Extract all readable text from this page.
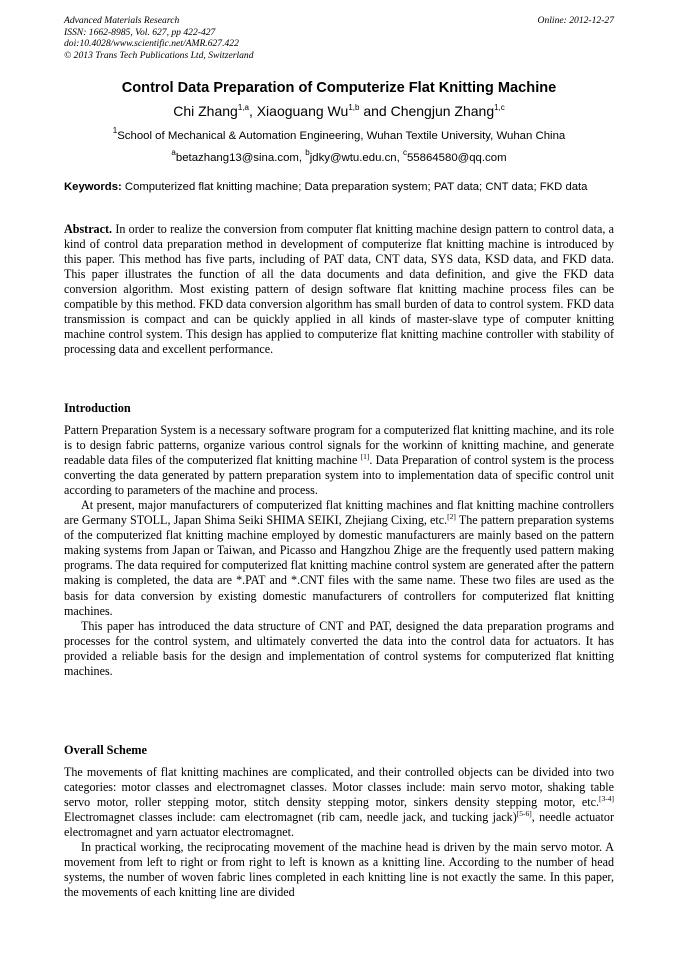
Advanced Materials Research
ISSN: 1662-8985, Vol. 627, pp 422-427
doi:10.4028/www.scientific.net/AMR.627.422
© 2013 Trans Tech Publications Ltd, Switzerland
Online: 2012-12-27
Control Data Preparation of Computerize Flat Knitting Machine
Chi Zhang$^{1,a}$, Xiaoguang Wu$^{1,b}$ and Chengjun Zhang$^{1,c}$
$^1$School of Mechanical & Automation Engineering, Wuhan Textile University, Wuhan China
$^a$betazhang13@sina.com, $^b$jdky@wtu.edu.cn, $^c$55864580@qq.com
Keywords: Computerized flat knitting machine; Data preparation system; PAT data; CNT data; FKD data

Abstract. In order to realize the conversion from computer flat knitting machine design pattern to control data, a kind of control data preparation method in development of computerize flat knitting machine is introduced by this paper. This method has five parts, including of PAT data, CNT data, SYS data, KSD data, and FKD data. This paper illustrates the function of all the data documents and data definition, and give the FKD data conversion algorithm. Most existing pattern of design software flat knitting machine process files can be compatible by this method. FKD data conversion algorithm has small burden of data to control system. FKD data transmission is compact and can be quickly applied in all kinds of master-slave type of computer knitting machine control system. This design has applied to computerize flat knitting machine controller with stability of processing data and excellent performance.

Introduction

Pattern Preparation System is a necessary software program for a computerized flat knitting machine, and its role is to design fabric patterns, organize various control signals for the workinn of knitting machine, and generate readable data files of the computerized flat knitting machine [1]. Data Preparation of control system is the process converting the data generated by pattern preparation system into to implementation data of specific control unit according to parameters of the machine and process.

At present, major manufacturers of computerized flat knitting machines and flat knitting machine controllers are Germany STOLL, Japan Shima Seiki SHIMA SEIKI, Zhejiang Cixing, etc.[2] The pattern preparation systems of the computerized flat knitting machine employed by domestic manufacturers are mainly based on the pattern making systems from Japan or Taiwan, and Picasso and Hangzhou Zhige are the frequently used pattern making programs. The data required for computerized flat knitting machine control system are generated after the pattern making is completed, the data are *.PAT and *.CNT files with the same name. These two files are used as the basis for data conversion by existing domestic manufacturers of controllers for computerized flat knitting machines.

This paper has introduced the data structure of CNT and PAT, designed the data preparation programs and processes for the control system, and ultimately converted the data into the control data for actuators. It has provided a reliable basis for the design and implementation of control systems for computerized flat knitting machines.

Overall Scheme

The movements of flat knitting machines are complicated, and their controlled objects can be divided into two categories: motor classes and electromagnet classes. Motor classes include: main servo motor, shaking table servo motor, roller stepping motor, stitch density stepping motor, sinkers density stepping motor, etc.[3-4] Electromagnet classes include: cam electromagnet (rib cam, needle jack, and tucking jack)[5-6], needle actuator electromagnet and yarn actuator electromagnet.

In practical working, the reciprocating movement of the machine head is driven by the main servo motor. A movement from left to right or from right to left is known as a knitting line. According to the number of head systems, the number of woven fabric lines completed in each knitting line is not exactly the same. In this paper, the movements of each knitting line are divided
